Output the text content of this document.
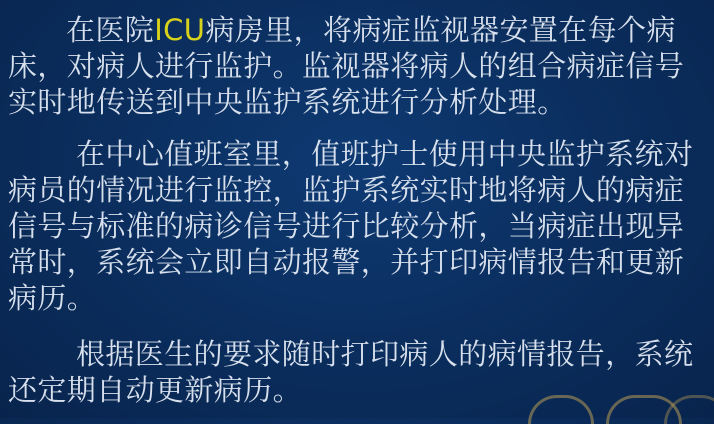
在医院ICU病房里，将病症监视器安置在每个病床，对病人进行监护。监视器将病人的组合病症信号实时地传送到中央监护系统进行分析处理。

在中心值班室里，值班护士使用中央监护系统对病员的情况进行监控，监护系统实时地将病人的病症信号与标准的病诊信号进行比较分析，当病症出现异常时，系统会立即自动报警，并打印病情报告和更新病历。

根据医生的要求随时打印病人的病情报告，系统还定期自动更新病历。
